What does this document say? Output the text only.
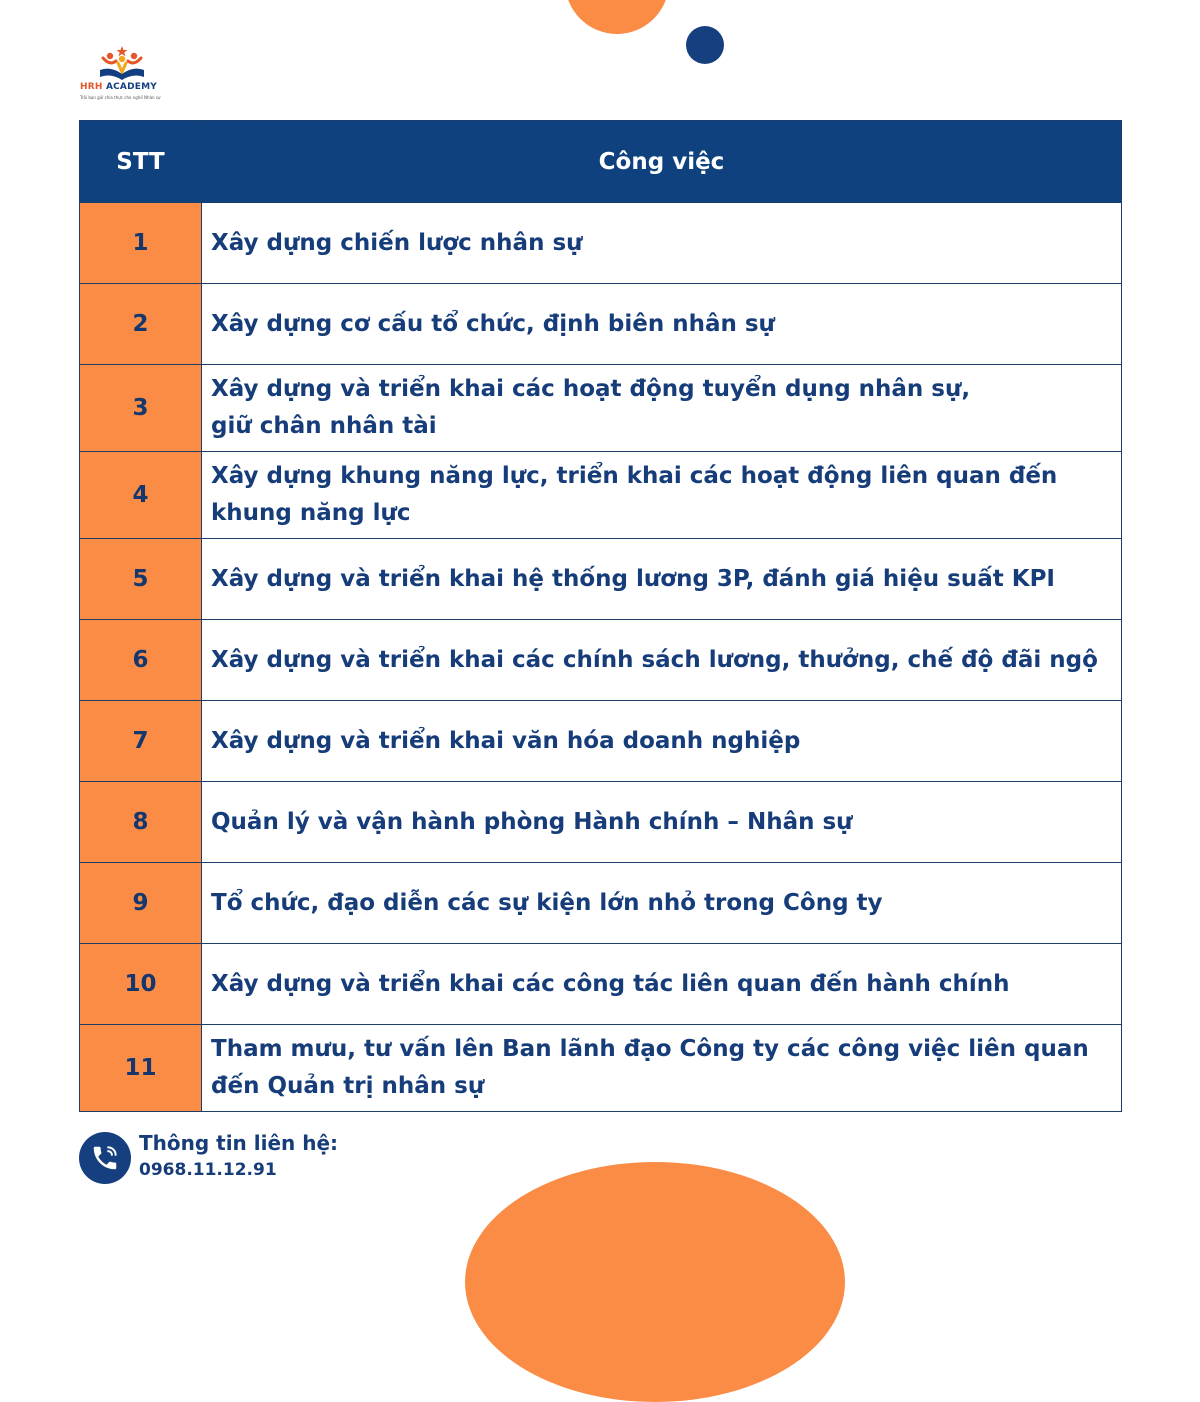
HRH ACADEMY
Trải bạn gửi chia thực cho nghề Nhân sự
STT	Công việc
1	Xây dựng chiến lược nhân sự
2	Xây dựng cơ cấu tổ chức, định biên nhân sự
3	Xây dựng và triển khai các hoạt động tuyển dụng nhân sự,
giữ chân nhân tài
4	Xây dựng khung năng lực, triển khai các hoạt động liên quan đến
khung năng lực
5	Xây dựng và triển khai hệ thống lương 3P, đánh giá hiệu suất KPI
6	Xây dựng và triển khai các chính sách lương, thưởng, chế độ đãi ngộ
7	Xây dựng và triển khai văn hóa doanh nghiệp
8	Quản lý và vận hành phòng Hành chính – Nhân sự
9	Tổ chức, đạo diễn các sự kiện lớn nhỏ trong Công ty
10	Xây dựng và triển khai các công tác liên quan đến hành chính
11	Tham mưu, tư vấn lên Ban lãnh đạo Công ty các công việc liên quan
đến Quản trị nhân sự
Thông tin liên hệ:
0968.11.12.91
